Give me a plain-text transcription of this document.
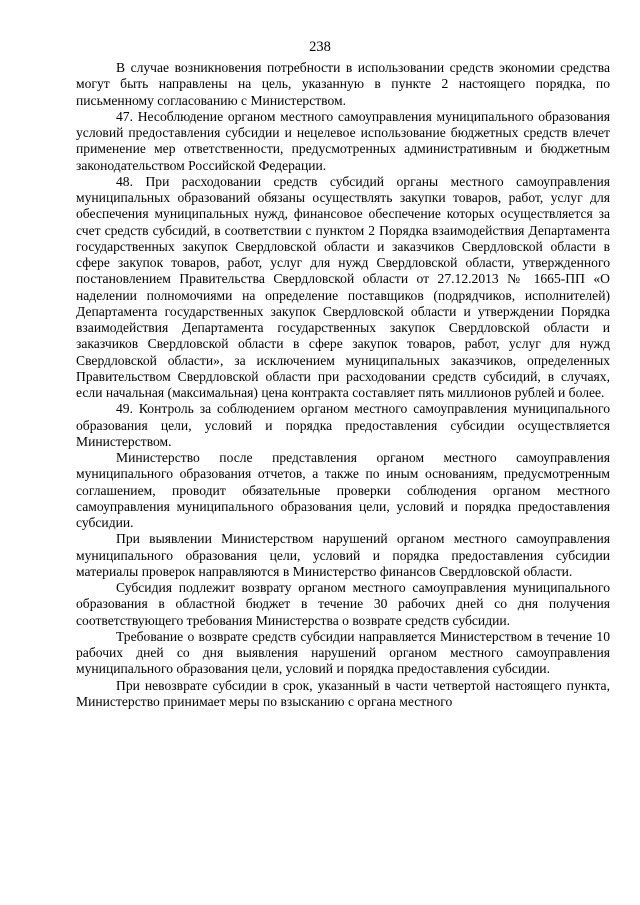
238

В случае возникновения потребности в использовании средств экономии средства могут быть направлены на цель, указанную в пункте 2 настоящего порядка, по письменному согласованию с Министерством.

47. Несоблюдение органом местного самоуправления муниципального образования условий предоставления субсидии и нецелевое использование бюджетных средств влечет применение мер ответственности, предусмотренных административным и бюджетным законодательством Российской Федерации.

48. При расходовании средств субсидий органы местного самоуправления муниципальных образований обязаны осуществлять закупки товаров, работ, услуг для обеспечения муниципальных нужд, финансовое обеспечение которых осуществляется за счет средств субсидий, в соответствии с пунктом 2 Порядка взаимодействия Департамента государственных закупок Свердловской области и заказчиков Свердловской области в сфере закупок товаров, работ, услуг для нужд Свердловской области, утвержденного постановлением Правительства Свердловской области от 27.12.2013 № 1665-ПП «О наделении полномочиями на определение поставщиков (подрядчиков, исполнителей) Департамента государственных закупок Свердловской области и утверждении Порядка взаимодействия Департамента государственных закупок Свердловской области и заказчиков Свердловской области в сфере закупок товаров, работ, услуг для нужд Свердловской области», за исключением муниципальных заказчиков, определенных Правительством Свердловской области при расходовании средств субсидий, в случаях, если начальная (максимальная) цена контракта составляет пять миллионов рублей и более.

49. Контроль за соблюдением органом местного самоуправления муниципального образования цели, условий и порядка предоставления субсидии осуществляется Министерством.

Министерство после представления органом местного самоуправления муниципального образования отчетов, а также по иным основаниям, предусмотренным соглашением, проводит обязательные проверки соблюдения органом местного самоуправления муниципального образования цели, условий и порядка предоставления субсидии.

При выявлении Министерством нарушений органом местного самоуправления муниципального образования цели, условий и порядка предоставления субсидии материалы проверок направляются в Министерство финансов Свердловской области.

Субсидия подлежит возврату органом местного самоуправления муниципального образования в областной бюджет в течение 30 рабочих дней со дня получения соответствующего требования Министерства о возврате средств субсидии.

Требование о возврате средств субсидии направляется Министерством в течение 10 рабочих дней со дня выявления нарушений органом местного самоуправления муниципального образования цели, условий и порядка предоставления субсидии.

При невозврате субсидии в срок, указанный в части четвертой настоящего пункта, Министерство принимает меры по взысканию с органа местного
